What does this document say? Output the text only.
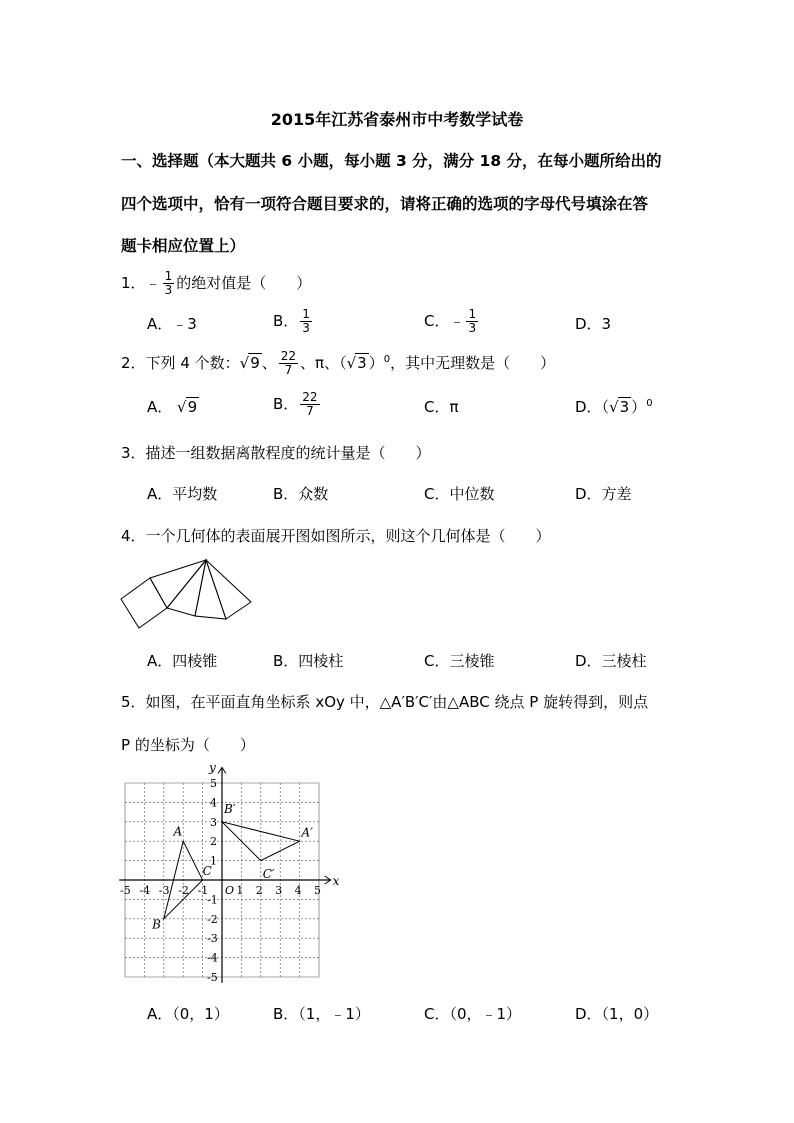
2015年江苏省泰州市中考数学试卷
一、选择题（本大题共 6 小题，每小题 3 分，满分 18 分，在每小题所给出的
四个选项中，恰有一项符合题目要求的，请将正确的选项的字母代号填涂在答
题卡相应位置上）
1．﹣ $\frac{1}{3}$ 的绝对值是（　　）
A．﹣3	B． $\frac{1}{3}$	C．﹣ $\frac{1}{3}$	D．3
2．下列 4 个数：√9 、 $\frac{22}{7}$ 、π、（√3 ）$^0$，其中无理数是（　　）
A． √9	B． $\frac{22}{7}$	C．π	D．（√3 ）$^0$
3．描述一组数据离散程度的统计量是（　　）
A．平均数	B．众数	C．中位数	D．方差
4．一个几何体的表面展开图如图所示，则这个几何体是（　　）
A．四棱锥	B．四棱柱	C．三棱锥	D．三棱柱
5．如图，在平面直角坐标系 xOy 中，△A′B′C′由△ABC 绕点 P 旋转得到，则点
P 的坐标为（　　）
x
y
O
-5 -4 -3 -2 -1	1 2 3 4 5
5
4
3
2
1
-1
-2
-3
-4
-5
A
B
C
A′
B′
C′
A．（0，1）	B．（1，﹣1）	C．（0，﹣1）	D．（1，0）
